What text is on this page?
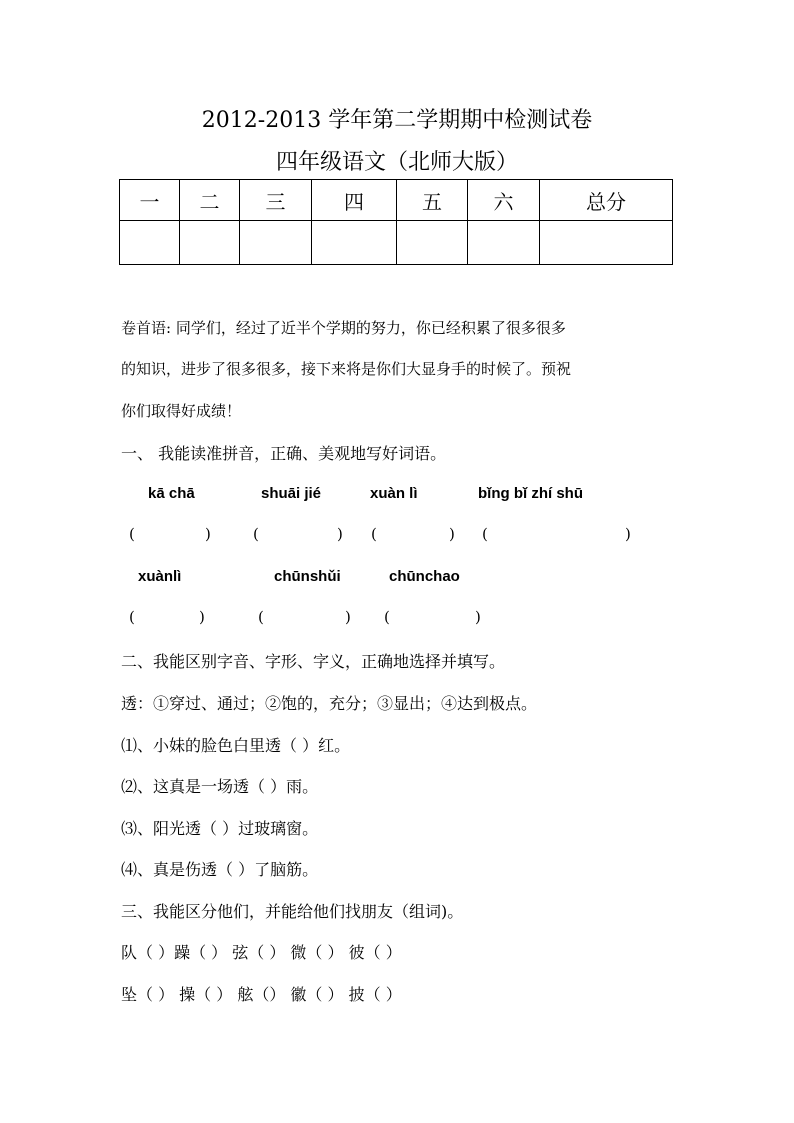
2012-2013 学年第二学期期中检测试卷
四年级语文（北师大版）
一	二	三	四	五	六	总分

卷首语: 同学们，经过了近半个学期的努力，你已经积累了很多很多
的知识，进步了很多很多，接下来将是你们大显身手的时候了。预祝
你们取得好成绩！
一、 我能读准拼音，正确、美观地写好词语。
kā chā	shuāi jié	xuàn lì	bǐng bǐ zhí shū
(	)	(	) (	) (	)
xuànlì	chūnshǔi	chūnchao
(	)	(	) (	)
二、我能区别字音、字形、字义，正确地选择并填写。
透：①穿过、通过；②饱的，充分；③显出；④达到极点。
⑴、小妹的脸色白里透（ ）红。
⑵、这真是一场透（ ）雨。
⑶、阳光透（ ）过玻璃窗。
⑷、真是伤透（ ）了脑筋。
三、我能区分他们，并能给他们找朋友（组词)。
队（ ）躁（ ） 弦（ ） 微（ ） 彼（ ）
坠（ ） 操（ ） 舷（） 徽（ ） 披（ ）
